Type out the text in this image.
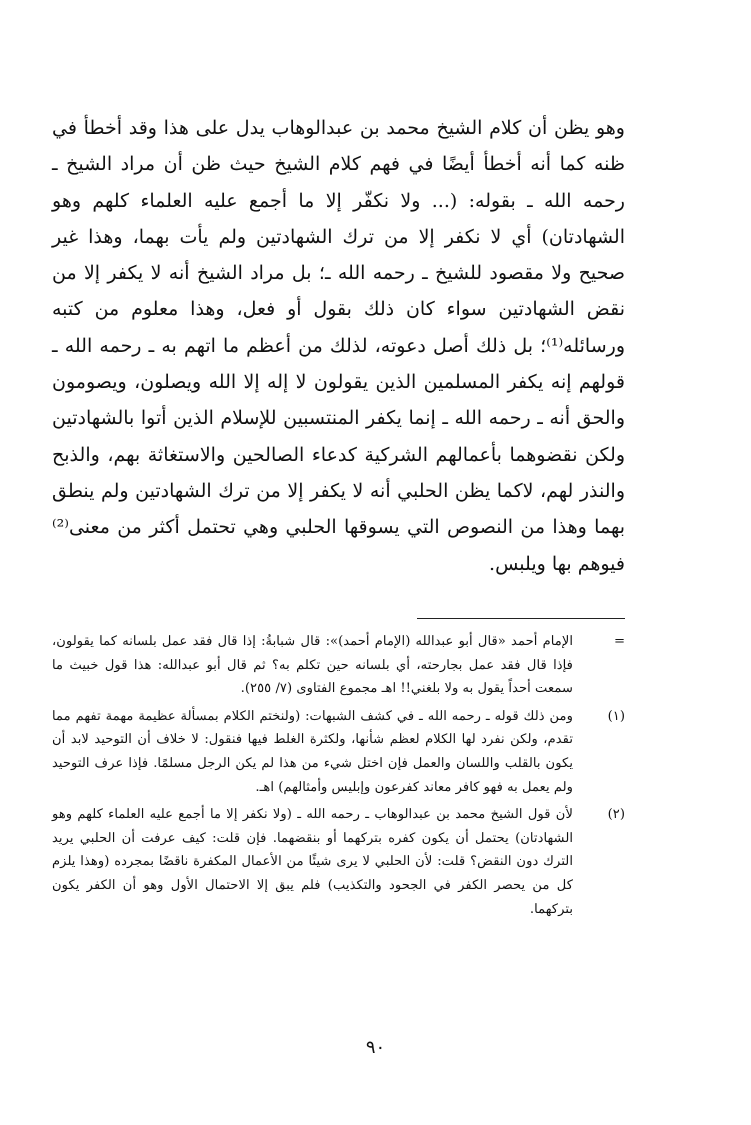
وهو يظن أن كلام الشيخ محمد بن عبدالوهاب يدل على هذا وقد أخطأ في ظنه كما أنه أخطأ أيضًا في فهم كلام الشيخ حيث ظن أن مراد الشيخ ـ رحمه الله ـ بقوله: (... ولا نكفّر إلا ما أجمع عليه العلماء كلهم وهو الشهادتان) أي لا نكفر إلا من ترك الشهادتين ولم يأت بهما، وهذا غير صحيح ولا مقصود للشيخ ـ رحمه الله ـ؛ بل مراد الشيخ أنه لا يكفر إلا من نقض الشهادتين سواء كان ذلك بقول أو فعل، وهذا معلوم من كتبه ورسائله⁽¹⁾؛ بل ذلك أصل دعوته، لذلك من أعظم ما اتهم به ـ رحمه الله ـ قولهم إنه يكفر المسلمين الذين يقولون لا إله إلا الله ويصلون، ويصومون والحق أنه ـ رحمه الله ـ إنما يكفر المنتسبين للإسلام الذين أتوا بالشهادتين ولكن نقضوهما بأعمالهم الشركية كدعاء الصالحين والاستغاثة بهم، والذبح والنذر لهم، لاكما يظن الحلبي أنه لا يكفر إلا من ترك الشهادتين ولم ينطق بهما وهذا من النصوص التي يسوقها الحلبي وهي تحتمل أكثر من معنى⁽²⁾ فيوهم بها ويلبس.

=
الإمام أحمد «قال أبو عبدالله (الإمام أحمد)»: قال شبابةُ: إذا قال فقد عمل بلسانه كما يقولون، فإذا قال فقد عمل بجارحته، أي بلسانه حين تكلم به؟ ثم قال أبو عبدالله: هذا قول خبيث ما سمعت أحداً يقول به ولا بلغني!! اهـ مجموع الفتاوى (٧/ ٢٥٥).
(١)
ومن ذلك قوله ـ رحمه الله ـ في كشف الشبهات: (ولنختم الكلام بمسألة عظيمة مهمة تفهم مما تقدم، ولكن نفرد لها الكلام لعظم شأنها، ولكثرة الغلط فيها فنقول: لا خلاف أن التوحيد لابد أن يكون بالقلب واللسان والعمل فإن اختل شيء من هذا لم يكن الرجل مسلمًا. فإذا عرف التوحيد ولم يعمل به فهو كافر معاند كفرعون وإبليس وأمثالهم) اهـ.
(٢)
لأن قول الشيخ محمد بن عبدالوهاب ـ رحمه الله ـ (ولا نكفر إلا ما أجمع عليه العلماء كلهم وهو الشهادتان) يحتمل أن يكون كفره بتركهما أو بنقضهما. فإن قلت: كيف عرفت أن الحلبي يريد الترك دون النقض؟ قلت: لأن الحلبي لا يرى شيئًا من الأعمال المكفرة ناقضًا بمجرده (وهذا يلزم كل من يحصر الكفر في الجحود والتكذيب) فلم يبق إلا الاحتمال الأول وهو أن الكفر يكون بتركهما.
٩٠
